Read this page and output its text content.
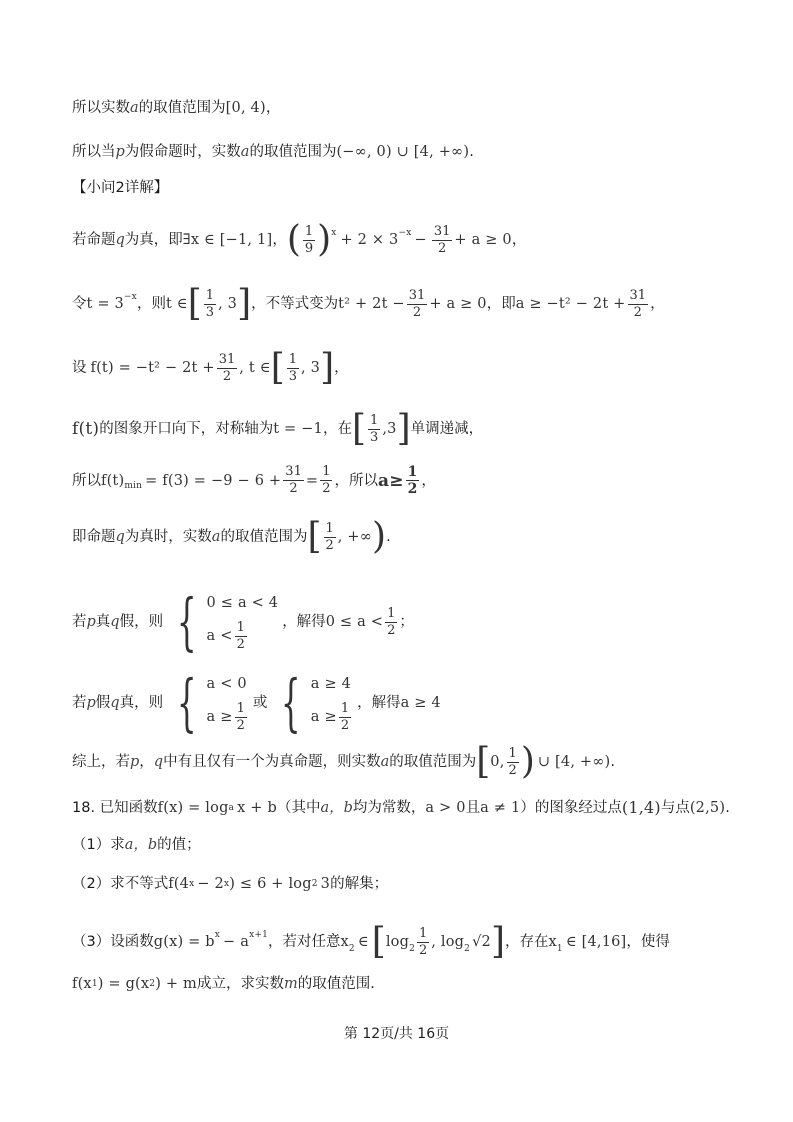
所以实数 a 的取值范围为 [0, 4) ，
所以当 p 为假命题时，实数 a 的取值范围为 (−∞, 0) ∪ [4, +∞) .
【小问2详解】
若命题 q 为真，即 ∃x ∈ [−1, 1] ， ( $\frac{1}{9} )^x + 2 \times 3^{-x} - \frac{31}{2} + a \ge 0$ ，
令 $t = 3^{-x}$ ，则 t ∈ [ $\frac{1}{3}$ , 3 ] ，不等式变为 $t^2 + 2t - \frac{31}{2} + a \ge 0$ ，即 $a \ge -t^2 - 2t + \frac{31}{2}$ ，
设 $f(t) = -t^2 - 2t + \frac{31}{2}$ , t ∈ [ $\frac{1}{3}$ , 3 ] ，
f(t) 的图象开口向下，对称轴为 t = −1 ，在 [ $\frac{1}{3} ,3$ ] 单调递减，
所以 $f(t)_{min} = f(3) = -9 - 6 + \frac{31}{2} = \frac{1}{2}$ ，所以 $a\ge \frac{1}{2}$ ，
即命题 q 为真时，实数 a 的取值范围为 [ $\frac{1}{2}$ , +∞ ) .
若 p 真 q 假，则 { 0 ≤ a < 4
$a < \frac{1}{2}$ ，解得 $0 \le a < \frac{1}{2}$ ；
若 p 假 q 真，则 { a < 0
$a \ge \frac{1}{2}$ 或 { a ≥ 4
$a \ge \frac{1}{2}$ ，解得 a ≥ 4
综上，若 p ， q 中有且仅有一个为真命题，则实数 a 的取值范围为 [ 0, $\frac{1}{2}$ ) ∪ [4, +∞) .
18. 已知函数 f(x) = log a x + b （其中 a，b 均为常数， a > 0 且 a ≠ 1 ）的图象经过点 (1,4) 与点 (2,5) .
（1）求 a，b 的值；
（2）求不等式 f(4 x − 2 x ) ≤ 6 + log 2 3 的解集；
（3）设函数 $g(x) = b^x - a^{x+1}$ ，若对任意 $x_2$ ∈ [ $\log_2 \frac{1}{2}$ , $\log_2 √2$ ] ，存在 $x_1$ ∈ [4,16] ，使得
f(x 1 ) = g(x 2 ) + m 成立，求实数 m 的取值范围.
第 12页/共 16页
